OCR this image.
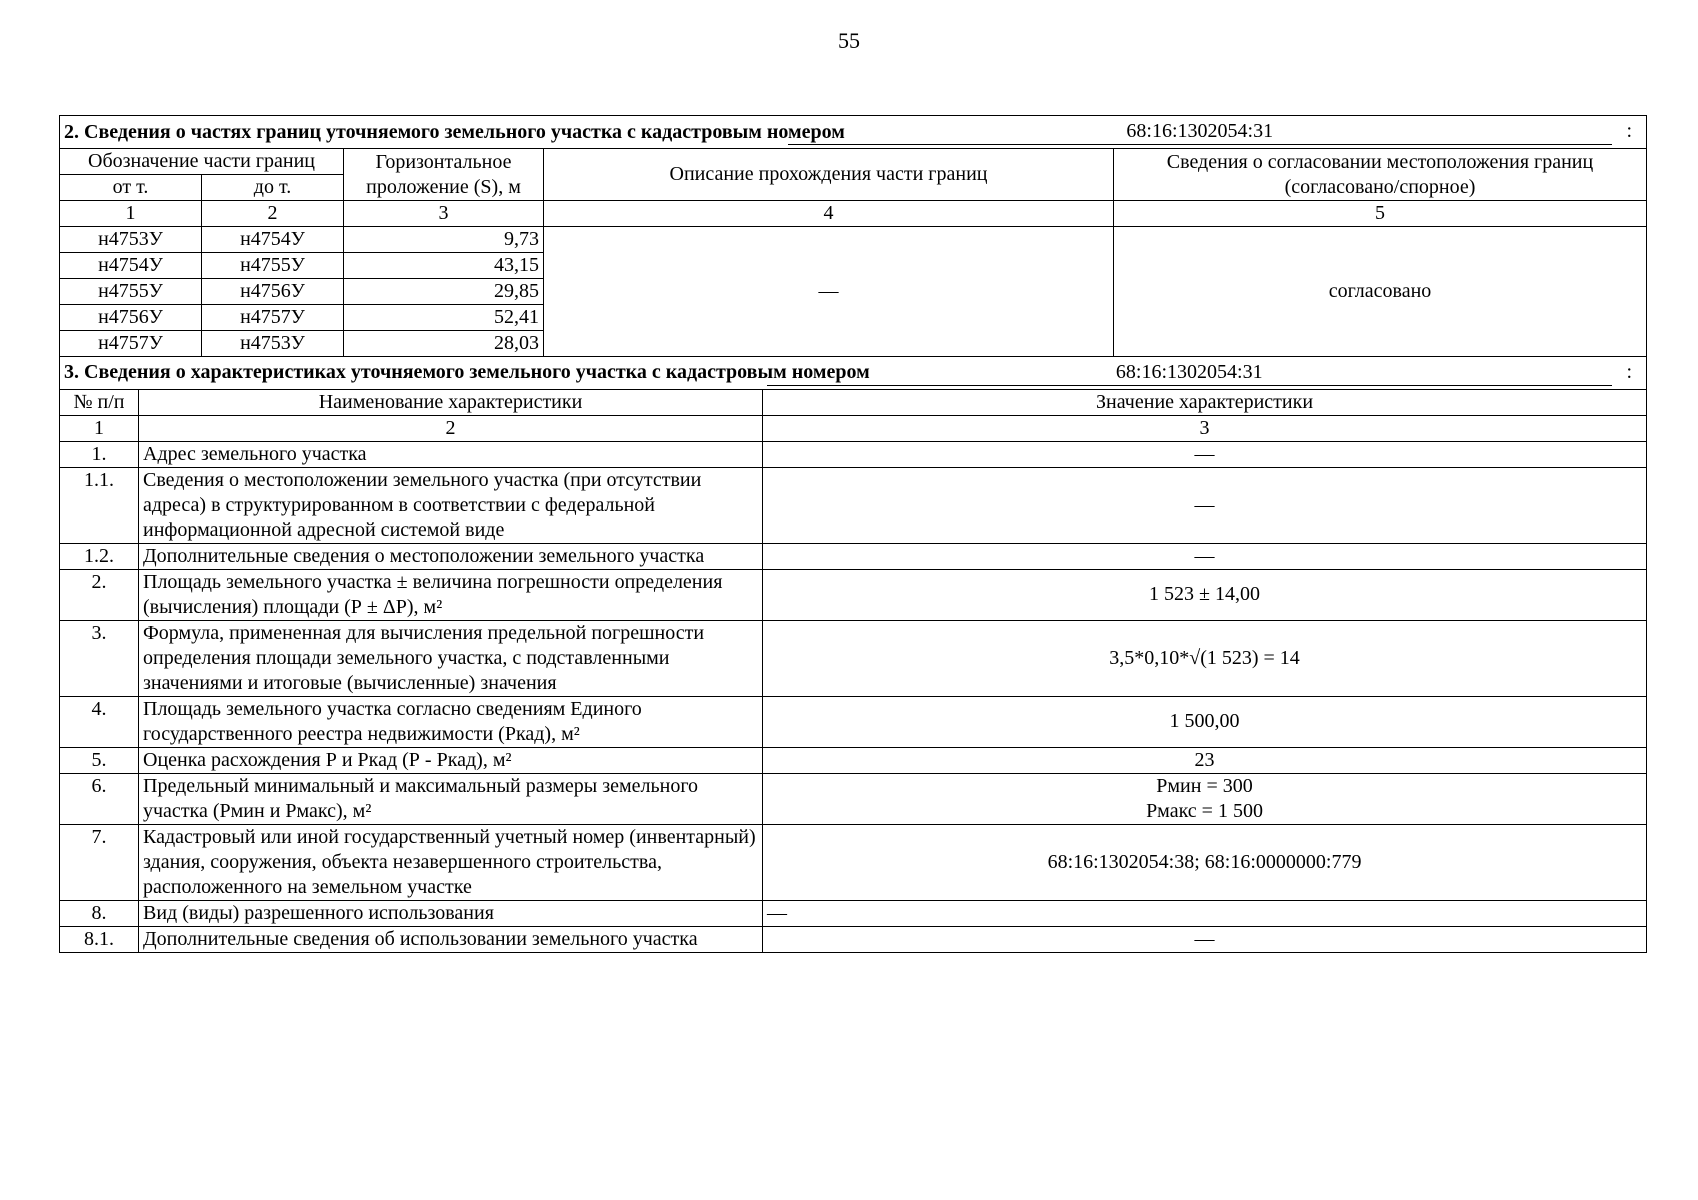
55
2. Сведения о частях границ уточняемого земельного участка с кадастровым номером				68:16:1302054:31 :

Обозначение части границ		Горизонтальное проложение (S), м	Описание прохождения части границ	Сведения о согласовании местоположения границ (согласовано/спорное)
от т.	до т.			
1	2	3	4	5
н4753У	н4754У	9,73	—	согласовано
н4754У	н4755У	43,15		
н4755У	н4756У	29,85		
н4756У	н4757У	52,41		
н4757У	н4753У	28,03		
3. Сведения о характеристиках уточняемого земельного участка с кадастровым номером		68:16:1302054:31 :

№ п/п	Наименование характеристики	Значение характеристики
1	2	3
1.	Адрес земельного участка	—
1.1.	Сведения о местоположении земельного участка (при отсутствии адреса) в структурированном в соответствии с федеральной информационной адресной системой виде	—
1.2.	Дополнительные сведения о местоположении земельного участка	—
2.	Площадь земельного участка ± величина погрешности определения (вычисления) площади (Р ± ΔР), м²	1 523 ± 14,00
3.	Формула, примененная для вычисления предельной погрешности определения площади земельного участка, с подставленными значениями и итоговые (вычисленные) значения	3,5*0,10*√(1 523) = 14
4.	Площадь земельного участка согласно сведениям Единого государственного реестра недвижимости (Ркад), м²	1 500,00
5.	Оценка расхождения Р и Ркад (Р - Ркад), м²	23
6.	Предельный минимальный и максимальный размеры земельного участка (Рмин и Рмакс), м²	Рмин = 300
Рмакс = 1 500

7.	Кадастровый или иной государственный учетный номер (инвентарный) здания, сооружения, объекта незавершенного строительства, расположенного на земельном участке	68:16:1302054:38; 68:16:0000000:779
8.	Вид (виды) разрешенного использования	—
8.1.	Дополнительные сведения об использовании земельного участка	—
